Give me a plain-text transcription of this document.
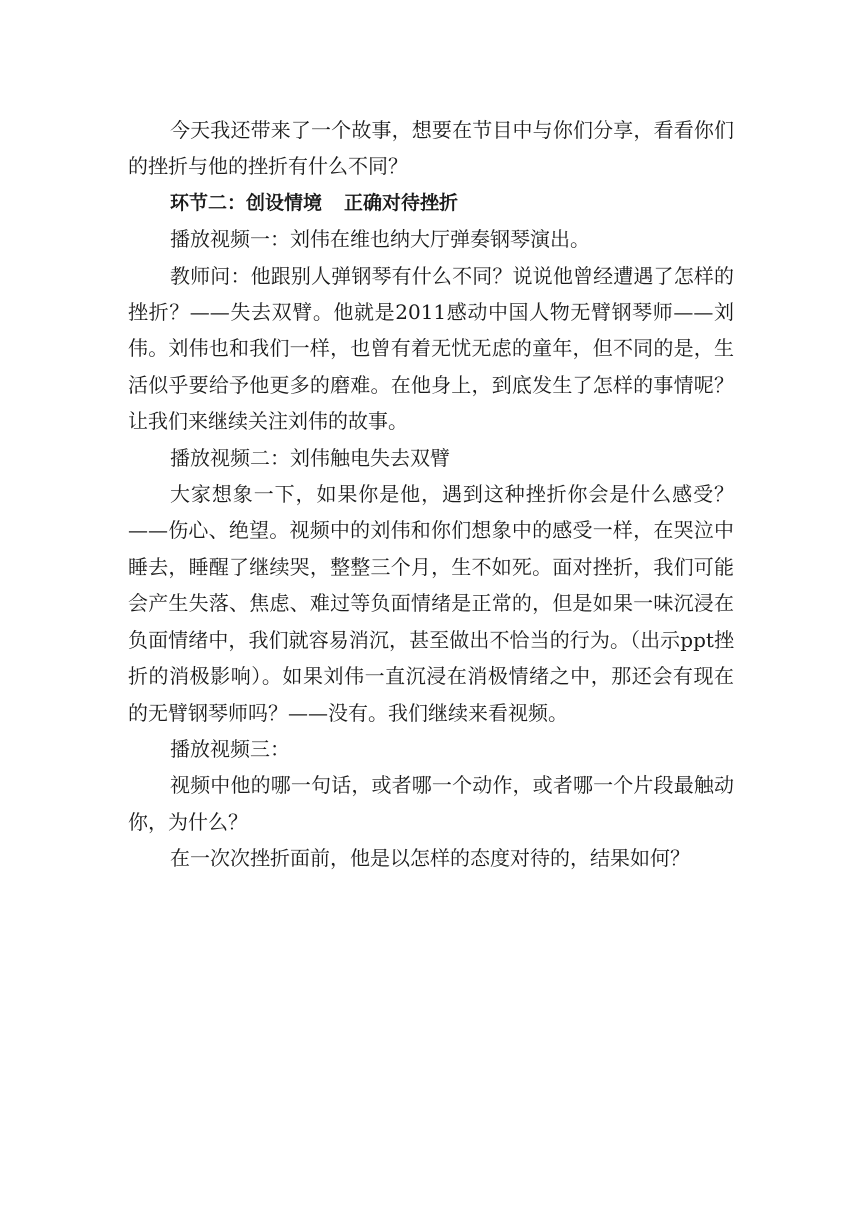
今天我还带来了一个故事，想要在节目中与你们分享，看看你们的挫折与他的挫折有什么不同？

环节二：创设情境 正确对待挫折

播放视频一：刘伟在维也纳大厅弹奏钢琴演出。

教师问：他跟别人弹钢琴有什么不同？说说他曾经遭遇了怎样的挫折？——失去双臂。他就是2011感动中国人物无臂钢琴师——刘伟。刘伟也和我们一样，也曾有着无忧无虑的童年，但不同的是，生活似乎要给予他更多的磨难。在他身上，到底发生了怎样的事情呢？让我们来继续关注刘伟的故事。

播放视频二：刘伟触电失去双臂

大家想象一下，如果你是他，遇到这种挫折你会是什么感受？——伤心、绝望。视频中的刘伟和你们想象中的感受一样，在哭泣中睡去，睡醒了继续哭，整整三个月，生不如死。面对挫折，我们可能会产生失落、焦虑、难过等负面情绪是正常的，但是如果一味沉浸在负面情绪中，我们就容易消沉，甚至做出不恰当的行为。（出示ppt挫折的消极影响）。如果刘伟一直沉浸在消极情绪之中，那还会有现在的无臂钢琴师吗？——没有。我们继续来看视频。

播放视频三：

视频中他的哪一句话，或者哪一个动作，或者哪一个片段最触动你，为什么？

在一次次挫折面前，他是以怎样的态度对待的，结果如何？
